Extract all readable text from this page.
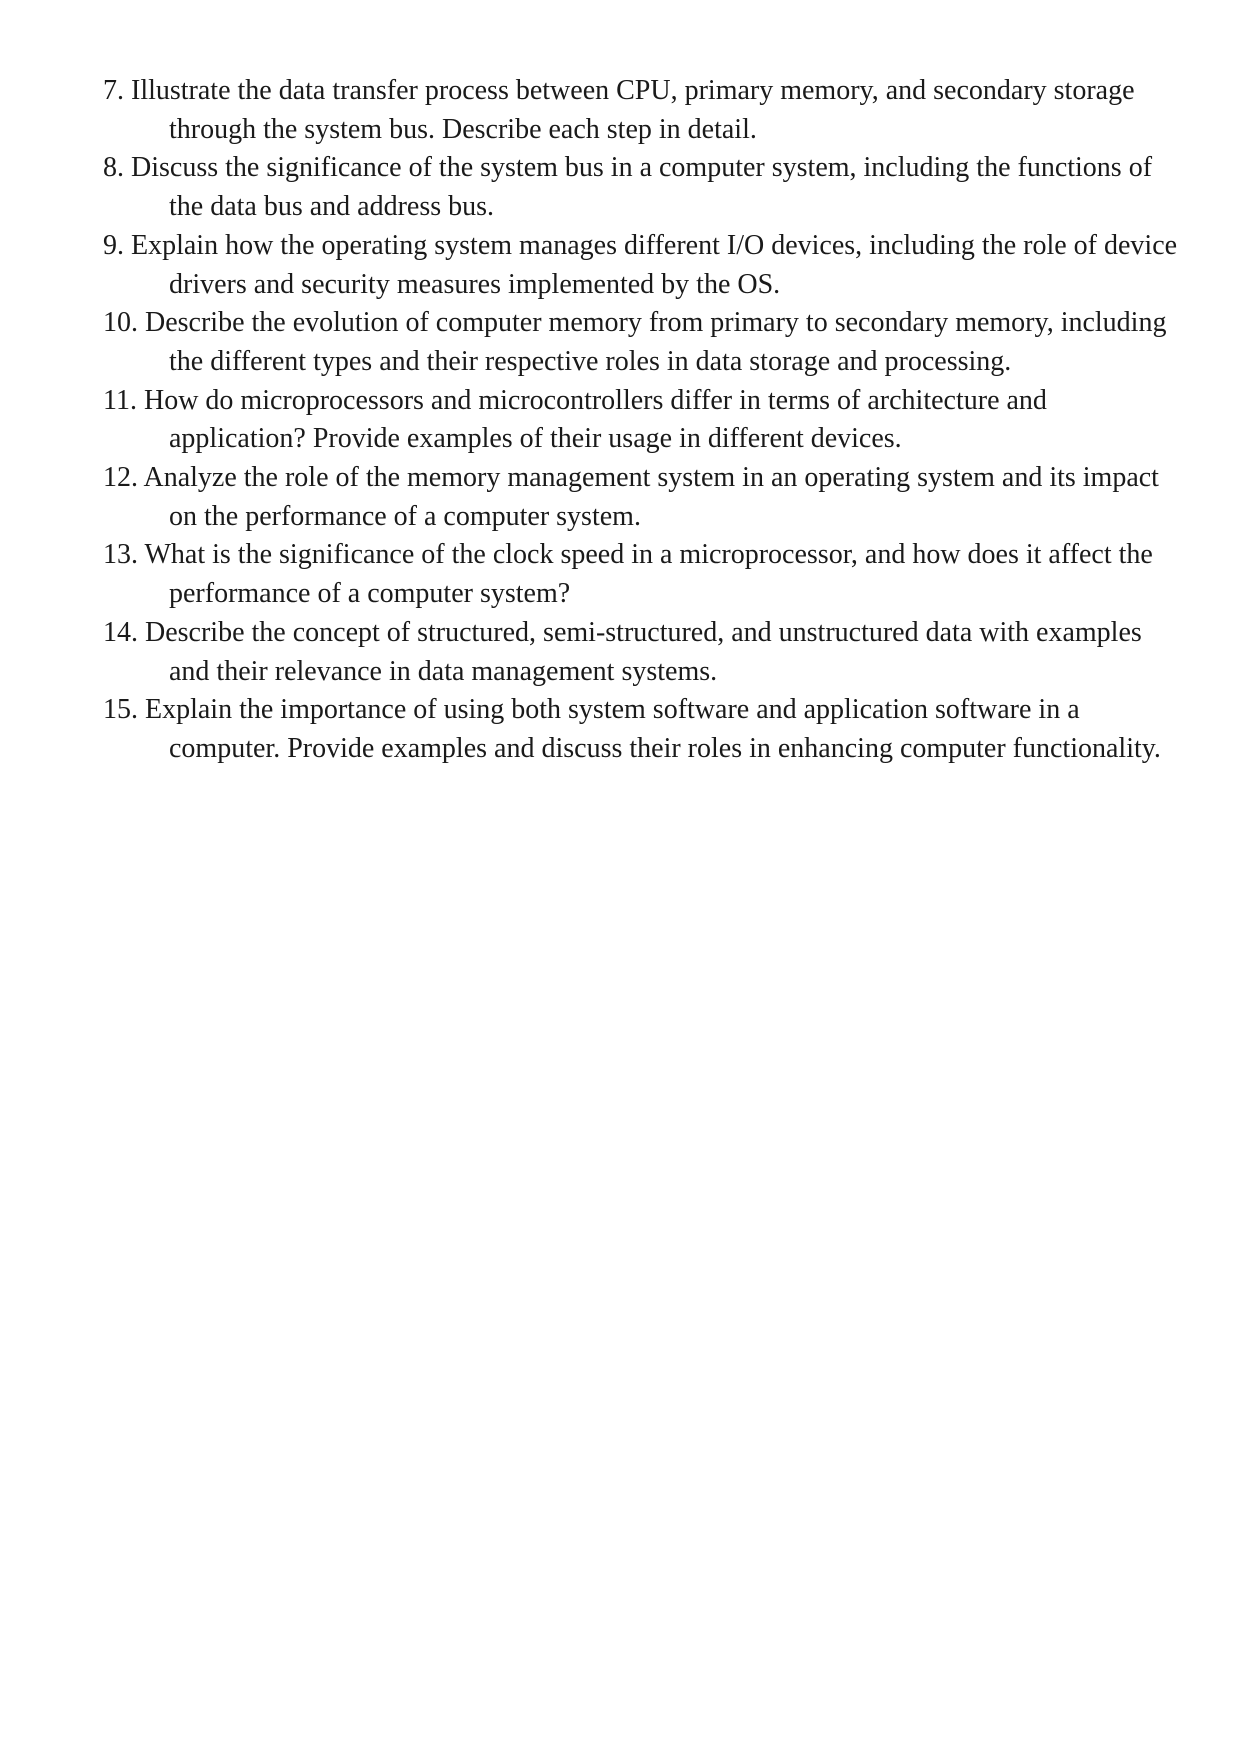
7. Illustrate the data transfer process between CPU, primary memory, and secondary storage through the system bus. Describe each step in detail.
8. Discuss the significance of the system bus in a computer system, including the functions of the data bus and address bus.
9. Explain how the operating system manages different I/O devices, including the role of device drivers and security measures implemented by the OS.
10. Describe the evolution of computer memory from primary to secondary memory, including the different types and their respective roles in data storage and processing.
11. How do microprocessors and microcontrollers differ in terms of architecture and application? Provide examples of their usage in different devices.
12. Analyze the role of the memory management system in an operating system and its impact on the performance of a computer system.
13. What is the significance of the clock speed in a microprocessor, and how does it affect the performance of a computer system?
14. Describe the concept of structured, semi-structured, and unstructured data with examples and their relevance in data management systems.
15. Explain the importance of using both system software and application software in a computer. Provide examples and discuss their roles in enhancing computer functionality.
